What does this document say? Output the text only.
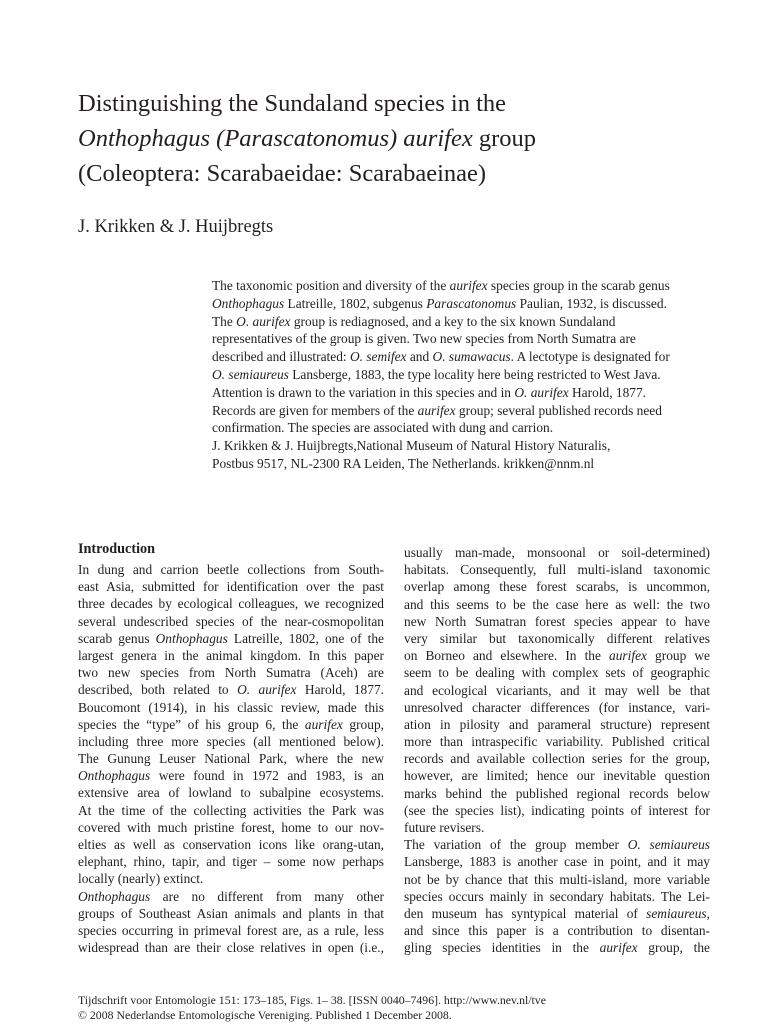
Distinguishing the Sundaland species in the
Onthophagus (Parascatonomus) aurifex group
(Coleoptera: Scarabaeidae: Scarabaeinae)

J. Krikken & J. Huijbregts

The taxonomic position and diversity of the aurifex species group in the scarab genus
Onthophagus Latreille, 1802, subgenus Parascatonomus Paulian, 1932, is discussed.
The O. aurifex group is rediagnosed, and a key to the six known Sundaland
representatives of the group is given. Two new species from North Sumatra are
described and illustrated: O. semifex and O. sumawacus. A lectotype is designated for
O. semiaureus Lansberge, 1883, the type locality here being restricted to West Java.
Attention is drawn to the variation in this species and in O. aurifex Harold, 1877.
Records are given for members of the aurifex group; several published records need
confirmation. The species are associated with dung and carrion.
J. Krikken & J. Huijbregts,National Museum of Natural History Naturalis,
Postbus 9517, NL-2300 RA Leiden, The Netherlands. krikken@nnm.nl
Introduction
In dung and carrion beetle collections from South-
east Asia, submitted for identification over the past
three decades by ecological colleagues, we recognized
several undescribed species of the near-cosmopolitan
scarab genus Onthophagus Latreille, 1802, one of the
largest genera in the animal kingdom. In this paper
two new species from North Sumatra (Aceh) are
described, both related to O. aurifex Harold, 1877.
Boucomont (1914), in his classic review, made this
species the “type” of his group 6, the aurifex group,
including three more species (all mentioned below).
The Gunung Leuser National Park, where the new
Onthophagus were found in 1972 and 1983, is an
extensive area of lowland to subalpine ecosystems.
At the time of the collecting activities the Park was
covered with much pristine forest, home to our nov-
elties as well as conservation icons like orang-utan,
elephant, rhino, tapir, and tiger – some now perhaps
locally (nearly) extinct.
Onthophagus are no different from many other
groups of Southeast Asian animals and plants in that
species occurring in primeval forest are, as a rule, less
widespread than are their close relatives in open (i.e.,
usually man-made, monsoonal or soil-determined)
habitats. Consequently, full multi-island taxonomic
overlap among these forest scarabs, is uncommon,
and this seems to be the case here as well: the two
new North Sumatran forest species appear to have
very similar but taxonomically different relatives
on Borneo and elsewhere. In the aurifex group we
seem to be dealing with complex sets of geographic
and ecological vicariants, and it may well be that
unresolved character differences (for instance, vari-
ation in pilosity and parameral structure) represent
more than intraspecific variability. Published critical
records and available collection series for the group,
however, are limited; hence our inevitable question
marks behind the published regional records below
(see the species list), indicating points of interest for
future revisers.
The variation of the group member O. semiaureus
Lansberge, 1883 is another case in point, and it may
not be by chance that this multi-island, more variable
species occurs mainly in secondary habitats. The Lei-
den museum has syntypical material of semiaureus,
and since this paper is a contribution to disentan-
gling species identities in the aurifex group, the
Tijdschrift voor Entomologie 151: 173–185, Figs. 1– 38. [ISSN 0040–7496]. http://www.nev.nl/tve
© 2008 Nederlandse Entomologische Vereniging. Published 1 December 2008.
